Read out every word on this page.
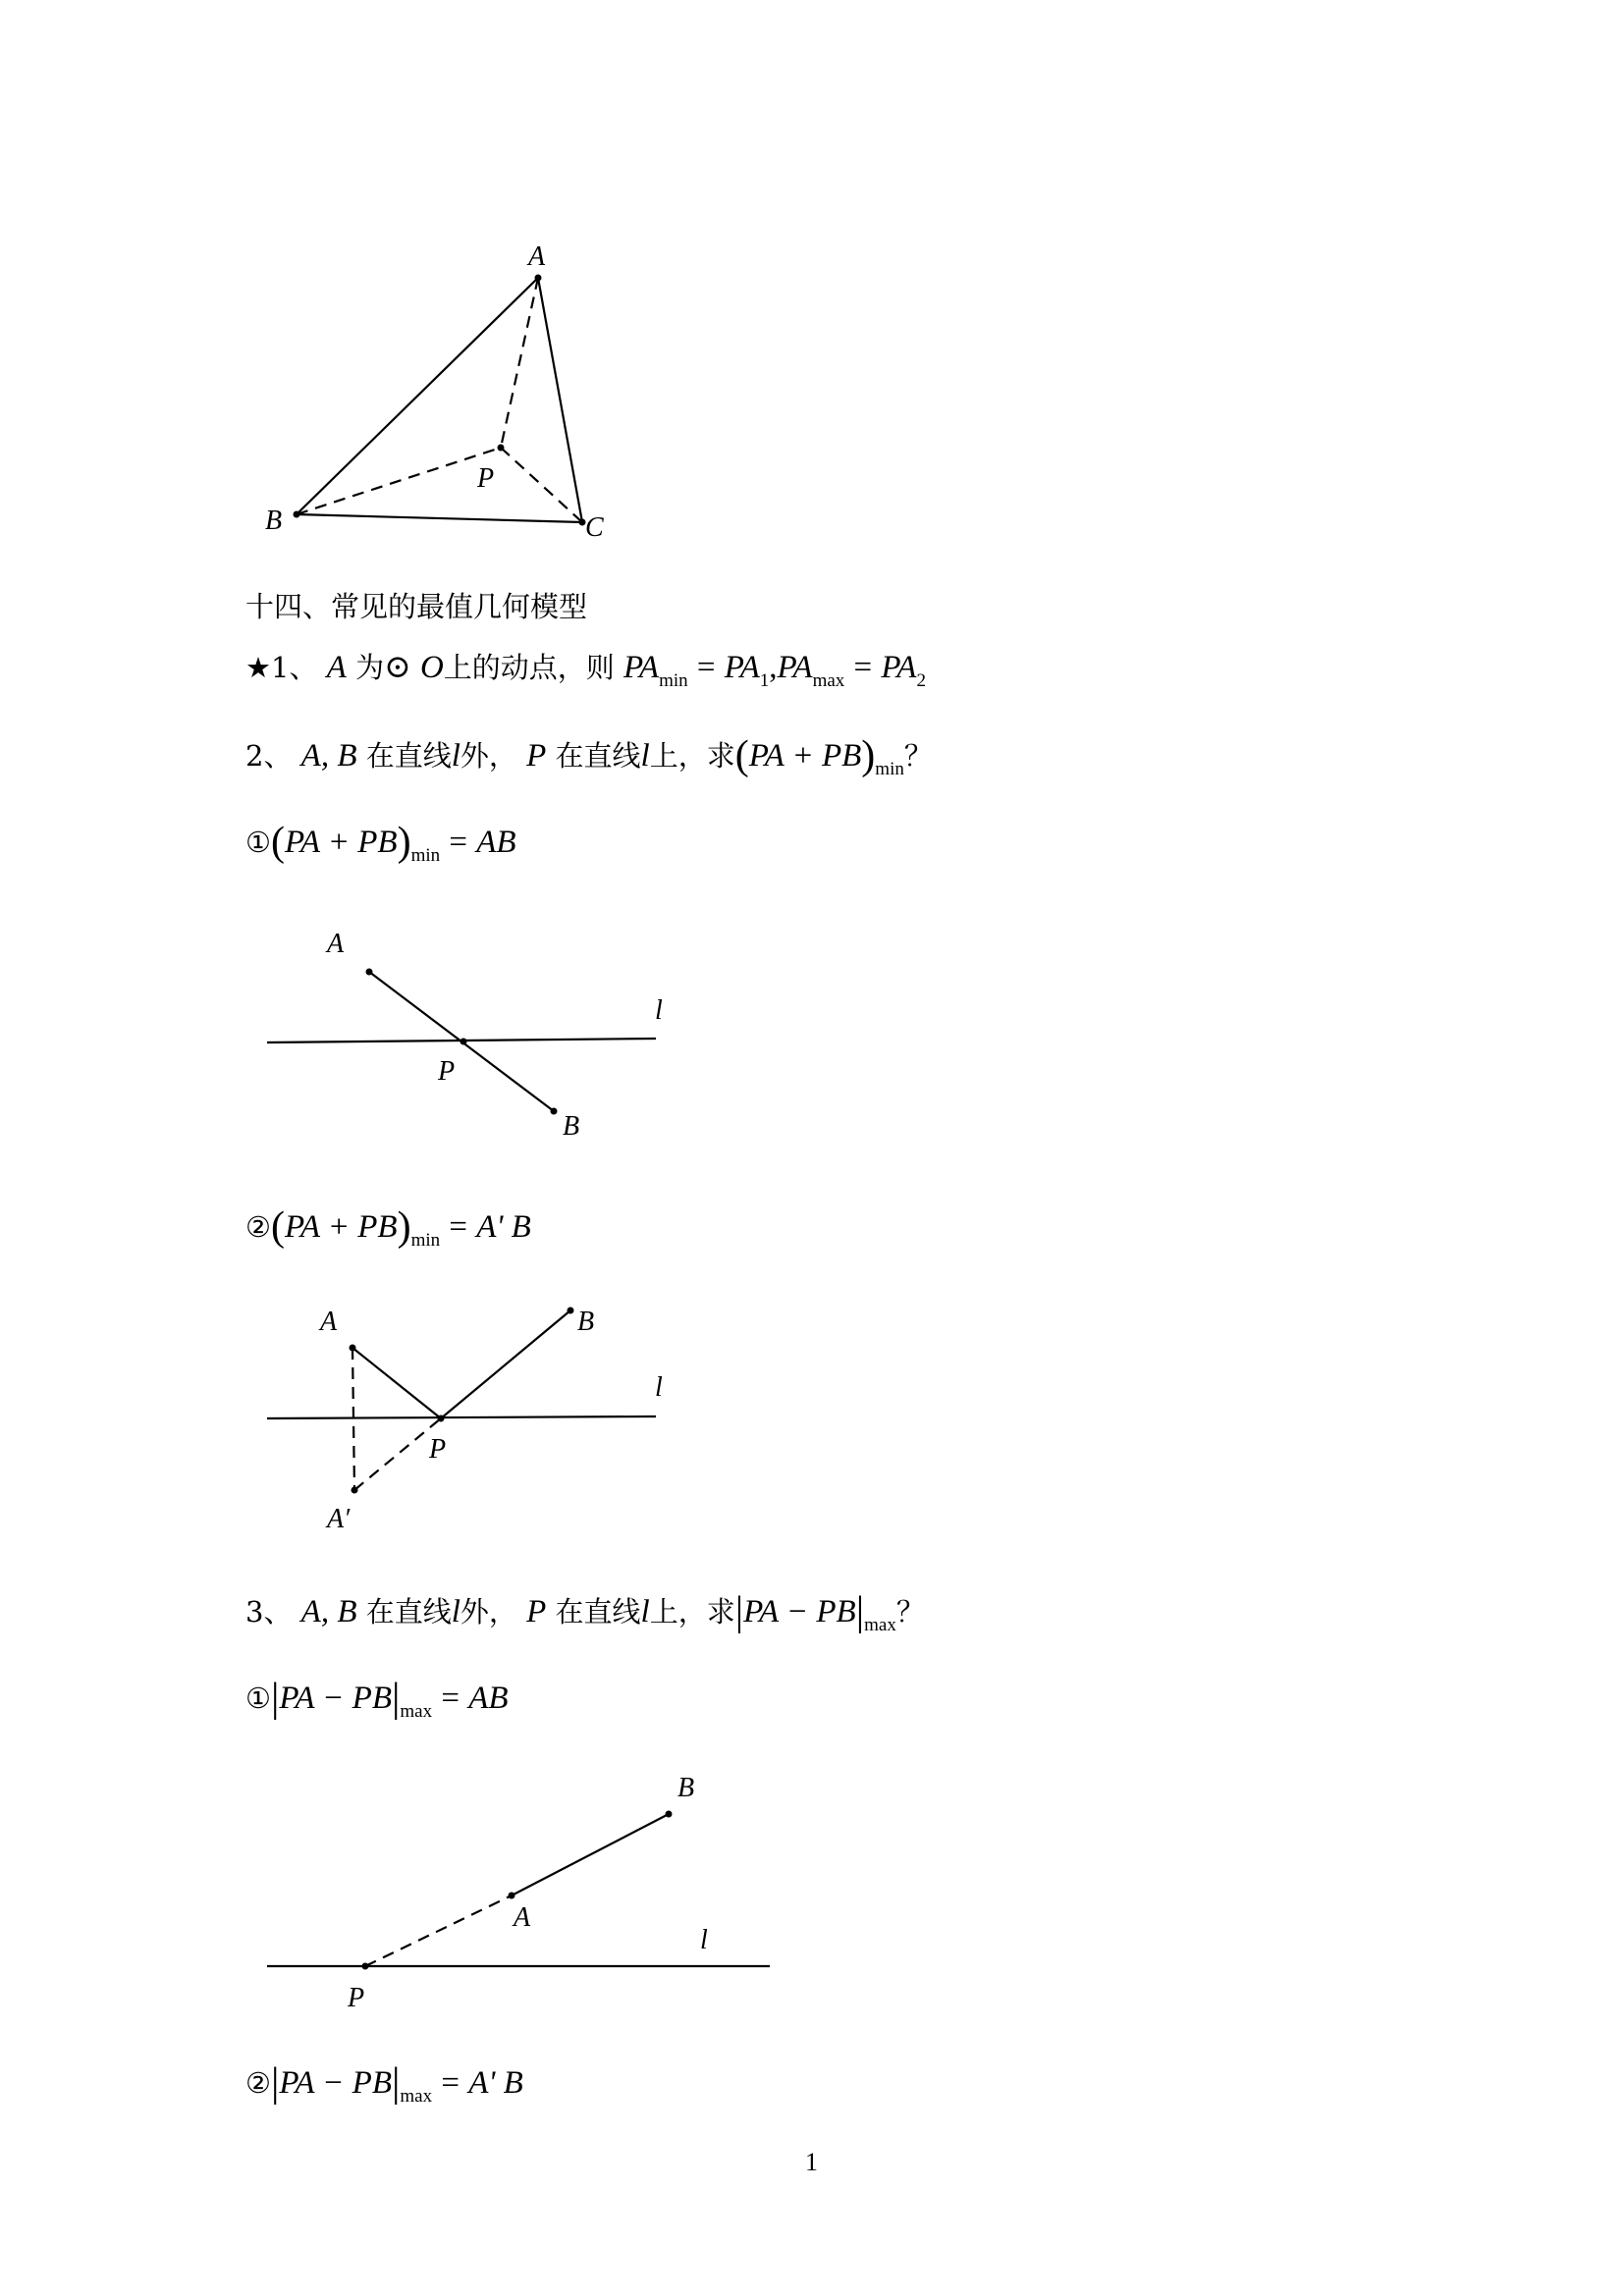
A
B	C
P
十四、常见的最值几何模型
★1、 A 为⊙ O上的动点，则 $PA_{min} = PA_1,PA_{max} = PA_2$
2、 A, B 在直线l外， P 在直线l上，求$(PA + PB)_{min}$？
①(PA + $PB)_{min}$ = AB
A
P
B
l
②(PA + $PB)_{min} = A'$ B
A
P
B
l
A′
3、 A, B 在直线l外， P 在直线l上，求$|PA - PB|_{max}$？
①|PA − $PB|_{max}$ = AB
P
A
B
l
②|PA − $PB|_{max} = A'$ B
1
